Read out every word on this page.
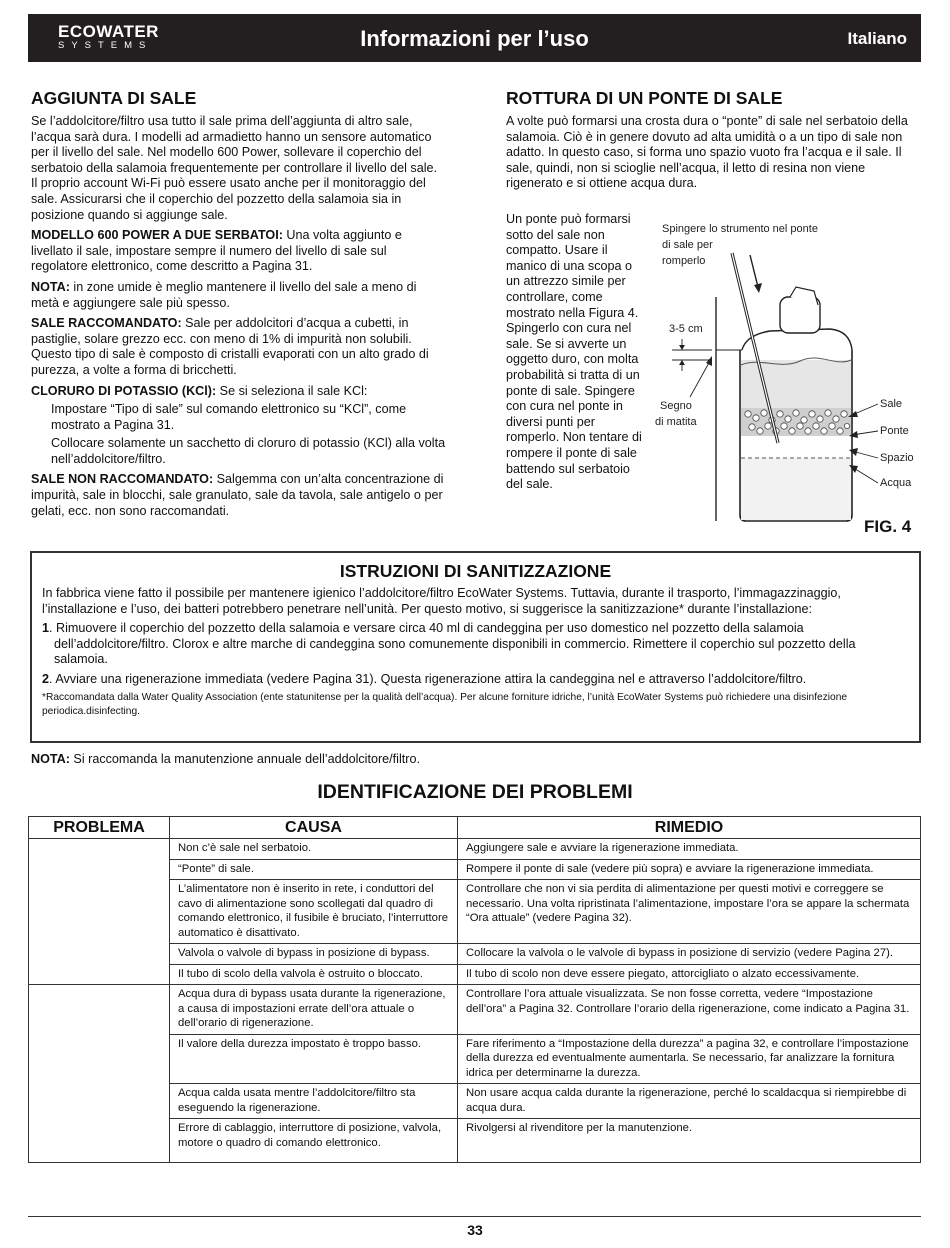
ECOWATER
SYSTEMS	Informazioni per l’uso	Italiano
AGGIUNTA DI SALE

Se l’addolcitore/filtro usa tutto il sale prima dell’aggiunta di altro sale, l’acqua sarà dura. I modelli ad armadietto hanno un sensore automatico per il livello del sale. Nel modello 600 Power, sollevare il coperchio del serbatoio della salamoia frequentemente per controllare il livello del sale. Il proprio account Wi-Fi può essere usato anche per il monitoraggio del sale. Assicurarsi che il coperchio del pozzetto della salamoia sia in posizione quando si aggiunge sale.

MODELLO 600 POWER A DUE SERBATOI: Una volta aggiunto e livellato il sale, impostare sempre il numero del livello di sale sul regolatore elettronico, come descritto a Pagina 31.

NOTA: in zone umide è meglio mantenere il livello del sale a meno di metà e aggiungere sale più spesso.

SALE RACCOMANDATO: Sale per addolcitori d’acqua a cubetti, in pastiglie, solare grezzo ecc. con meno di 1% di impurità non solubili. Questo tipo di sale è composto di cristalli evaporati con un alto grado di purezza, a volte a forma di bricchetti.

CLORURO DI POTASSIO (KCl): Se si seleziona il sale KCl:

Impostare “Tipo di sale” sul comando elettronico su “KCl”, come mostrato a Pagina 31.

Collocare solamente un sacchetto di cloruro di potassio (KCl) alla volta nell’addolcitore/filtro.

SALE NON RACCOMANDATO: Salgemma con un’alta concentrazione di impurità, sale in blocchi, sale granulato, sale da tavola, sale antigelo o per gelati, ecc. non sono raccomandati.

ROTTURA DI UN PONTE DI SALE

A volte può formarsi una crosta dura o “ponte” di sale nel serbatoio della salamoia. Ciò è in genere dovuto ad alta umidità o a un tipo di sale non adatto. In questo caso, si forma uno spazio vuoto fra l’acqua e il sale. Il sale, quindi, non si scioglie nell’acqua, il letto di resina non viene rigenerato e si ottiene acqua dura.

Un ponte può formarsi sotto del sale non compatto. Usare il manico di una scopa o un attrezzo simile per controllare, come mostrato nella Figura 4. Spingerlo con cura nel sale. Se si avverte un oggetto duro, con molta probabilità si tratta di un ponte di sale. Spingere con cura nel ponte in diversi punti per romperlo. Non tentare di rompere il ponte di sale battendo sul serbatoio del sale.

Spingere lo strumento nel ponte
di sale per
romperlo
3-5 cm
Segno
di matita
Sale
Ponte
Spazio
Acqua
FIG. 4
ISTRUZIONI DI SANITIZZAZIONE

In fabbrica viene fatto il possibile per mantenere igienico l’addolcitore/filtro EcoWater Systems. Tuttavia, durante il trasporto, l’immagazzinaggio, l’installazione e l’uso, dei batteri potrebbero penetrare nell’unità. Per questo motivo, si suggerisce la sanitizzazione* durante l’installazione:

1. Rimuovere il coperchio del pozzetto della salamoia e versare circa 40 ml di candeggina per uso domestico nel pozzetto della salamoia dell’addolcitore/filtro. Clorox e altre marche di candeggina sono comunemente disponibili in commercio. Rimettere il coperchio sul pozzetto della salamoia.

2. Avviare una rigenerazione immediata (vedere Pagina 31). Questa rigenerazione attira la candeggina nel e attraverso l’addolcitore/filtro.

*Raccomandata dalla Water Quality Association (ente statunitense per la qualità dell’acqua). Per alcune forniture idriche, l’unità EcoWater Systems può richiedere una disinfezione periodica.disinfecting.

NOTA: Si raccomanda la manutenzione annuale dell’addolcitore/filtro.

IDENTIFICAZIONE DEI PROBLEMI
PROBLEMA	CAUSA	RIMEDIO
	Non c’è sale nel serbatoio.	Aggiungere sale e avviare la rigenerazione immediata.
	“Ponte” di sale.	Rompere il ponte di sale (vedere più sopra) e avviare la rigenerazione immediata.
	L’alimentatore non è inserito in rete, i conduttori del cavo di alimentazione sono scollegati dal quadro di comando elettronico, il fusibile è bruciato, l’interruttore automatico è disattivato.	Controllare che non vi sia perdita di alimentazione per questi motivi e correggere se necessario. Una volta ripristinata l’alimentazione, impostare l’ora se appare la schermata “Ora attuale” (vedere Pagina 32).
	Valvola o valvole di bypass in posizione di bypass.	Collocare la valvola o le valvole di bypass in posizione di servizio (vedere Pagina 27).
	Il tubo di scolo della valvola è ostruito o bloccato.	Il tubo di scolo non deve essere piegato, attorcigliato o alzato eccessivamente.
	Acqua dura di bypass usata durante la rigenerazione, a causa di impostazioni errate dell’ora attuale o dell’orario di rigenerazione.	Controllare l’ora attuale visualizzata. Se non fosse corretta, vedere “Impostazione dell’ora” a Pagina 32. Controllare l’orario della rigenerazione, come indicato a Pagina 31.
	Il valore della durezza impostato è troppo basso.	Fare riferimento a “Impostazione della durezza” a pagina 32, e controllare l’impostazione della durezza ed eventualmente aumentarla. Se necessario, far analizzare la fornitura idrica per determinarne la durezza.
	Acqua calda usata mentre l’addolcitore/filtro sta eseguendo la rigenerazione.	Non usare acqua calda durante la rigenerazione, perché lo scaldacqua si riempirebbe di acqua dura.
	Errore di cablaggio, interruttore di posizione, valvola, motore o quadro di comando elettronico.	Rivolgersi al rivenditore per la manutenzione.
33
